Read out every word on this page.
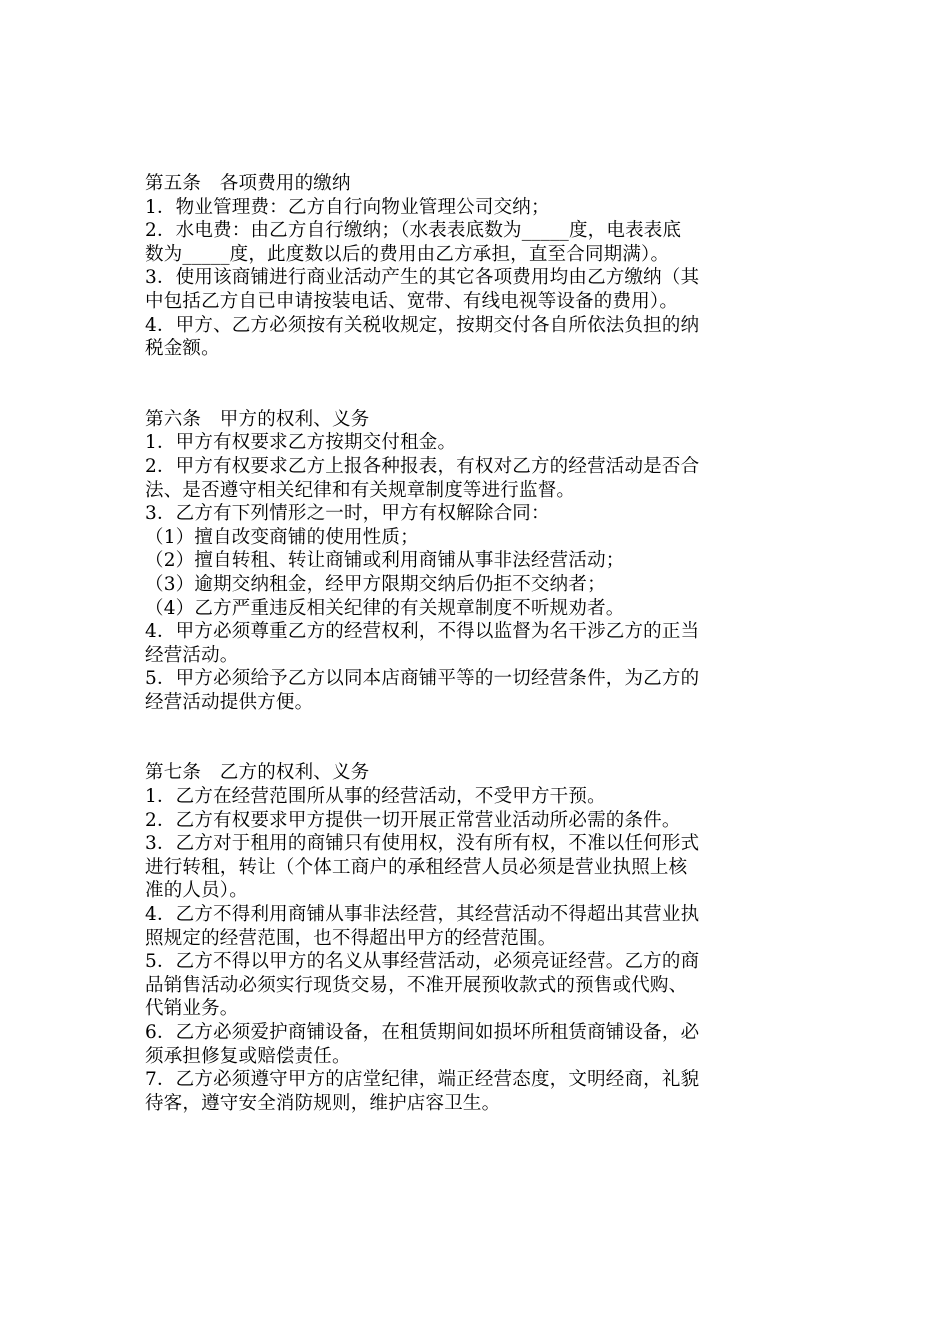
第五条　各项费用的缴纳
1．物业管理费：乙方自行向物业管理公司交纳；
2．水电费：由乙方自行缴纳；（水表表底数为_____度，电表表底
数为_____度，此度数以后的费用由乙方承担，直至合同期满）。
3．使用该商铺进行商业活动产生的其它各项费用均由乙方缴纳（其
中包括乙方自已申请按装电话、宽带、有线电视等设备的费用）。
4．甲方、乙方必须按有关税收规定，按期交付各自所依法负担的纳
税金额。
第六条　甲方的权利、义务
1．甲方有权要求乙方按期交付租金。
2．甲方有权要求乙方上报各种报表，有权对乙方的经营活动是否合
法、是否遵守相关纪律和有关规章制度等进行监督。
3．乙方有下列情形之一时，甲方有权解除合同：
（1）擅自改变商铺的使用性质；
（2）擅自转租、转让商铺或利用商铺从事非法经营活动；
（3）逾期交纳租金，经甲方限期交纳后仍拒不交纳者；
（4）乙方严重违反相关纪律的有关规章制度不听规劝者。
4．甲方必须尊重乙方的经营权利，不得以监督为名干涉乙方的正当
经营活动。
5．甲方必须给予乙方以同本店商铺平等的一切经营条件，为乙方的
经营活动提供方便。
第七条　乙方的权利、义务
1．乙方在经营范围所从事的经营活动，不受甲方干预。
2．乙方有权要求甲方提供一切开展正常营业活动所必需的条件。
3．乙方对于租用的商铺只有使用权，没有所有权，不准以任何形式
进行转租，转让（个体工商户的承租经营人员必须是营业执照上核
准的人员）。
4．乙方不得利用商铺从事非法经营，其经营活动不得超出其营业执
照规定的经营范围，也不得超出甲方的经营范围。
5．乙方不得以甲方的名义从事经营活动，必须亮证经营。乙方的商
品销售活动必须实行现货交易，不准开展预收款式的预售或代购、
代销业务。
6．乙方必须爱护商铺设备，在租赁期间如损坏所租赁商铺设备，必
须承担修复或赔偿责任。
7．乙方必须遵守甲方的店堂纪律，端正经营态度，文明经商，礼貌
待客，遵守安全消防规则，维护店容卫生。
